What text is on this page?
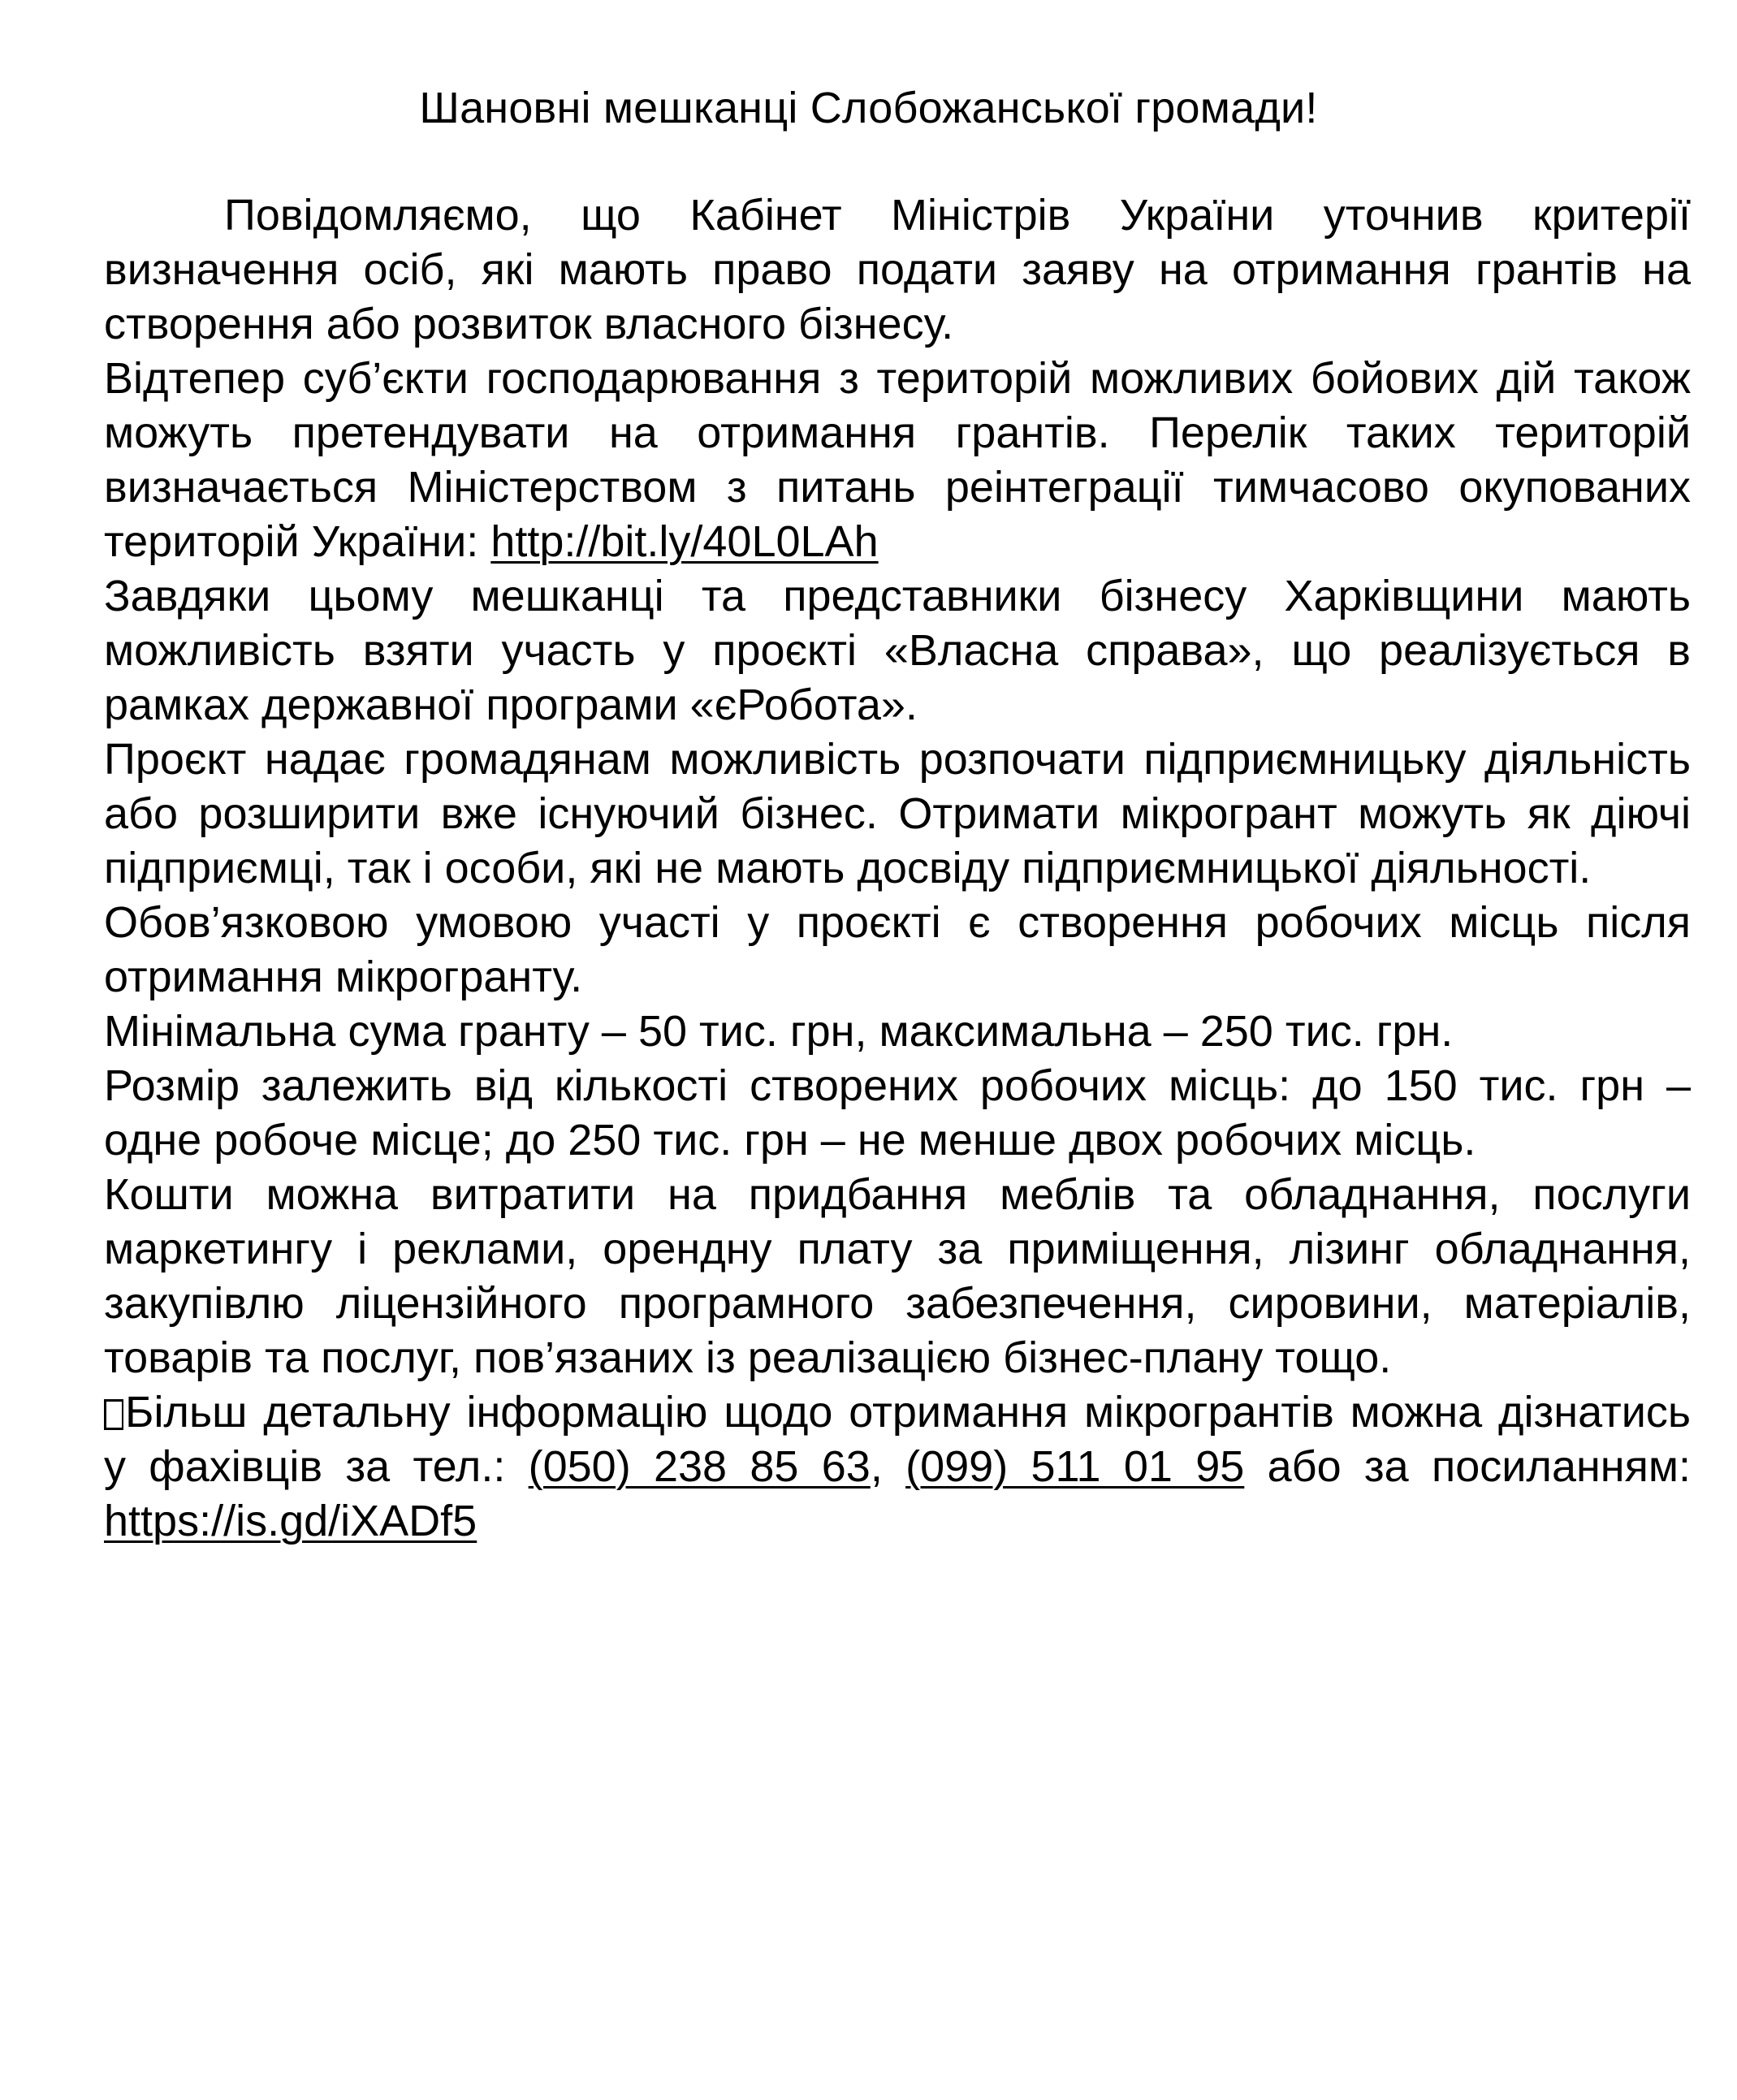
Шановні мешканці Слобожанської громади!

Повідомляємо, що Кабінет Міністрів України уточнив критерії визначення осіб, які мають право подати заяву на отримання грантів на створення або розвиток власного бізнесу.

Відтепер суб’єкти господарювання з територій можливих бойових дій також можуть претендувати на отримання грантів. Перелік таких територій визначається Міністерством з питань реінтеграції тимчасово окупованих територій України: http://bit.ly/40L0LAh

Завдяки цьому мешканці та представники бізнесу Харківщини мають можливість взяти участь у проєкті «Власна справа», що реалізується в рамках державної програми «єРобота».

Проєкт надає громадянам можливість розпочати підприємницьку діяльність або розширити вже існуючий бізнес. Отримати мікрогрант можуть як діючі підприємці, так і особи, які не мають досвіду підприємницької діяльності.

Обов’язковою умовою участі у проєкті є створення робочих місць після отримання мікрогранту.

Мінімальна сума гранту – 50 тис. грн, максимальна – 250 тис. грн.

Розмір залежить від кількості створених робочих місць: до 150 тис. грн – одне робоче місце; до 250 тис. грн – не менше двох робочих місць.

Кошти можна витратити на придбання меблів та обладнання, послуги маркетингу і реклами, орендну плату за приміщення, лізинг обладнання, закупівлю ліцензійного програмного забезпечення, сировини, матеріалів, товарів та послуг, пов’язаних із реалізацією бізнес-плану тощо.

Більш детальну інформацію щодо отримання мікрогрантів можна дізнатись у фахівців за тел.: (050) 238 85 63, (099) 511 01 95 або за посиланням: https://is.gd/iXADf5
